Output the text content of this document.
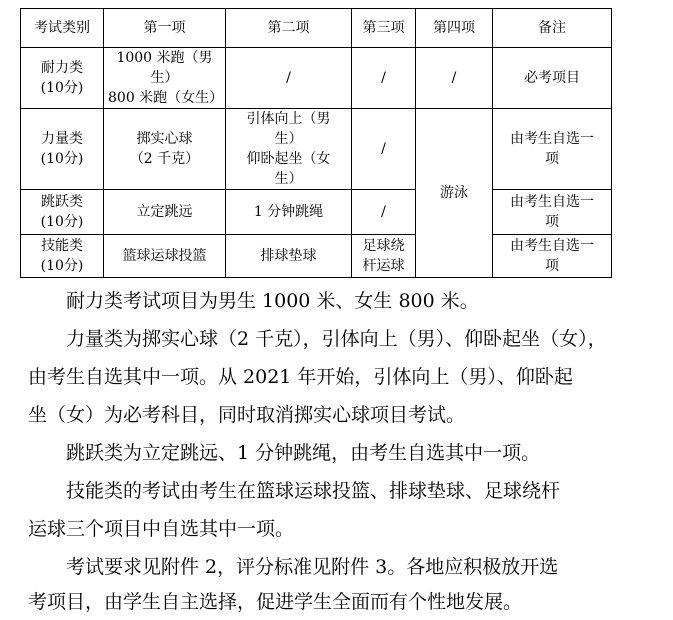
考试类别	第一项	第二项	第三项	第四项	备注
耐力类
(10分)	1000 米跑（男
生）
800 米跑（女生）	/	/	/	必考项目
力量类
(10分)	掷实心球
（2 千克）	引体向上（男
生）
仰卧起坐（女
生）	/	游泳	由考生自选一
项
跳跃类
(10分)	立定跳远	1 分钟跳绳	/		由考生自选一
项
技能类
(10分)	篮球运球投篮	排球垫球	足球绕
杆运球		由考生自选一
项

耐力类考试项目为男生 1000 米、女生 800 米。

力量类为掷实心球（2 千克），引体向上（男）、仰卧起坐（女），

由考生自选其中一项。从 2021 年开始，引体向上（男）、仰卧起

坐（女）为必考科目，同时取消掷实心球项目考试。

跳跃类为立定跳远、1 分钟跳绳，由考生自选其中一项。

技能类的考试由考生在篮球运球投篮、排球垫球、足球绕杆

运球三个项目中自选其中一项。

考试要求见附件 2，评分标准见附件 3。各地应积极放开选

考项目，由学生自主选择，促进学生全面而有个性地发展。
